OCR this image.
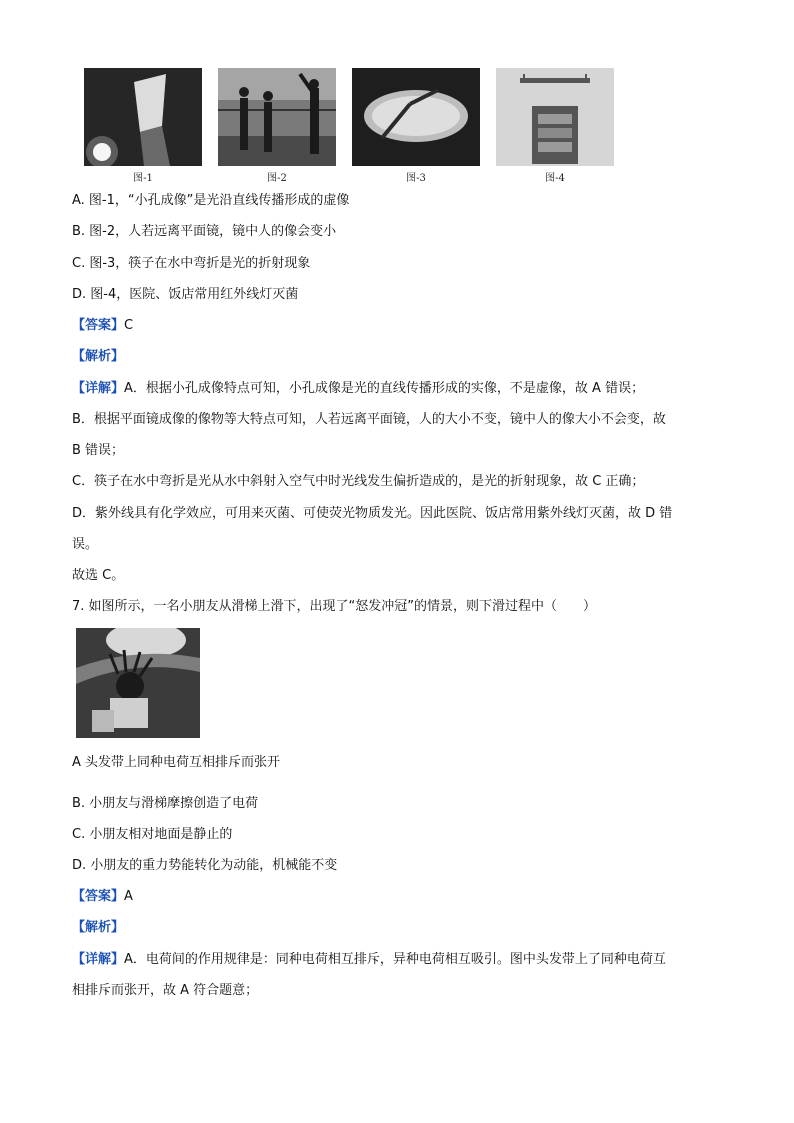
图-1	图-2	图-3	图-4
A. 图-1，“小孔成像”是光沿直线传播形成的虚像
B. 图-2，人若远离平面镜，镜中人的像会变小
C. 图-3，筷子在水中弯折是光的折射现象
D. 图-4，医院、饭店常用红外线灯灭菌
【答案】C
【解析】
【详解】A．根据小孔成像特点可知，小孔成像是光的直线传播形成的实像，不是虚像，故 A 错误；
B．根据平面镜成像的像物等大特点可知，人若远离平面镜，人的大小不变，镜中人的像大小不会变，故
B 错误；
C．筷子在水中弯折是光从水中斜射入空气中时光线发生偏折造成的，是光的折射现象，故 C 正确；
D．紫外线具有化学效应，可用来灭菌、可使荧光物质发光。因此医院、饭店常用紫外线灯灭菌，故 D 错
误。
故选 C。
7. 如图所示，一名小朋友从滑梯上滑下，出现了“怒发冲冠”的情景，则下滑过程中（　　）
A 头发带上同种电荷互相排斥而张开
B. 小朋友与滑梯摩擦创造了电荷
C. 小朋友相对地面是静止的
D. 小朋友的重力势能转化为动能，机械能不变
【答案】A
【解析】
【详解】A．电荷间的作用规律是：同种电荷相互排斥，异种电荷相互吸引。图中头发带上了同种电荷互
相排斥而张开，故 A 符合题意；
